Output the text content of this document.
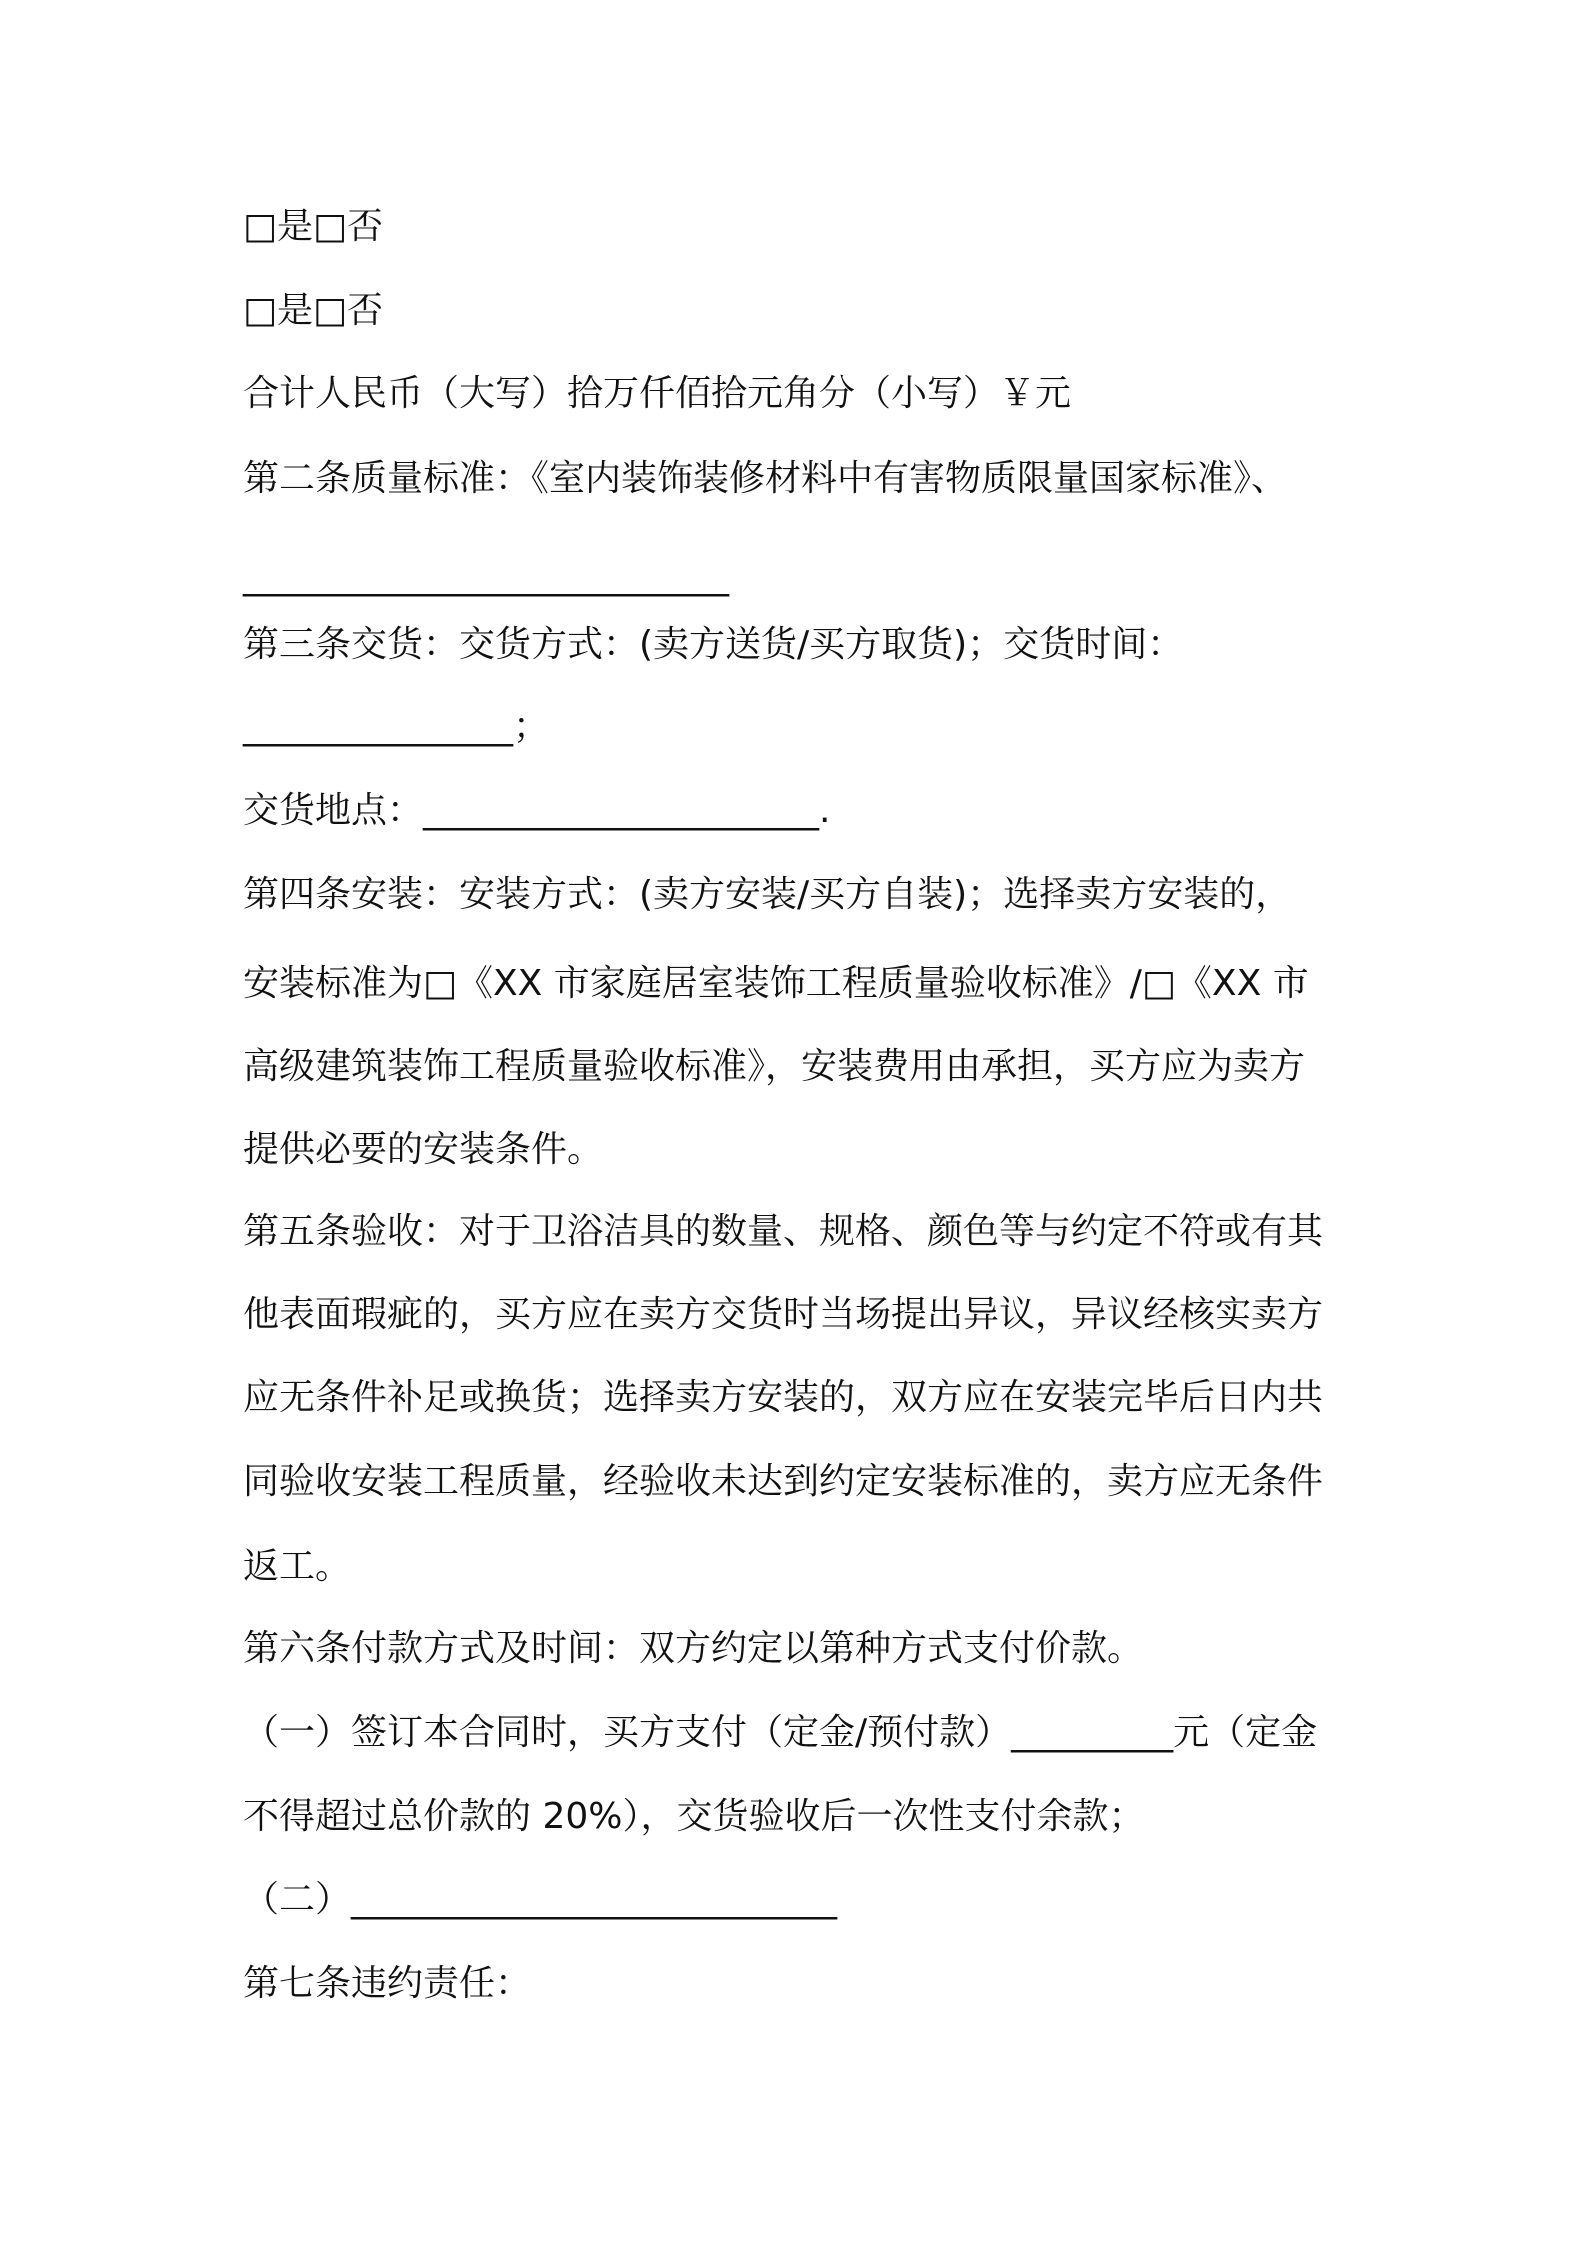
□是□否
□是□否
合计人民币（大写）拾万仟佰拾元角分（小写）￥元
第二条质量标准：《室内装饰装修材料中有害物质限量国家标准》、
___________________________
第三条交货：交货方式：(卖方送货/买方取货)；交货时间：
_______________；
交货地点：______________________.
第四条安装：安装方式：(卖方安装/买方自装)；选择卖方安装的，
安装标准为□《XX 市家庭居室装饰工程质量验收标准》/□《XX 市
高级建筑装饰工程质量验收标准》，安装费用由承担，买方应为卖方
提供必要的安装条件。
第五条验收：对于卫浴洁具的数量、规格、颜色等与约定不符或有其
他表面瑕疵的，买方应在卖方交货时当场提出异议，异议经核实卖方
应无条件补足或换货；选择卖方安装的，双方应在安装完毕后日内共
同验收安装工程质量，经验收未达到约定安装标准的，卖方应无条件
返工。
第六条付款方式及时间：双方约定以第种方式支付价款。
（一）签订本合同时，买方支付（定金/预付款）_________元（定金
不得超过总价款的 20%），交货验收后一次性支付余款；
（二）___________________________
第七条违约责任：
